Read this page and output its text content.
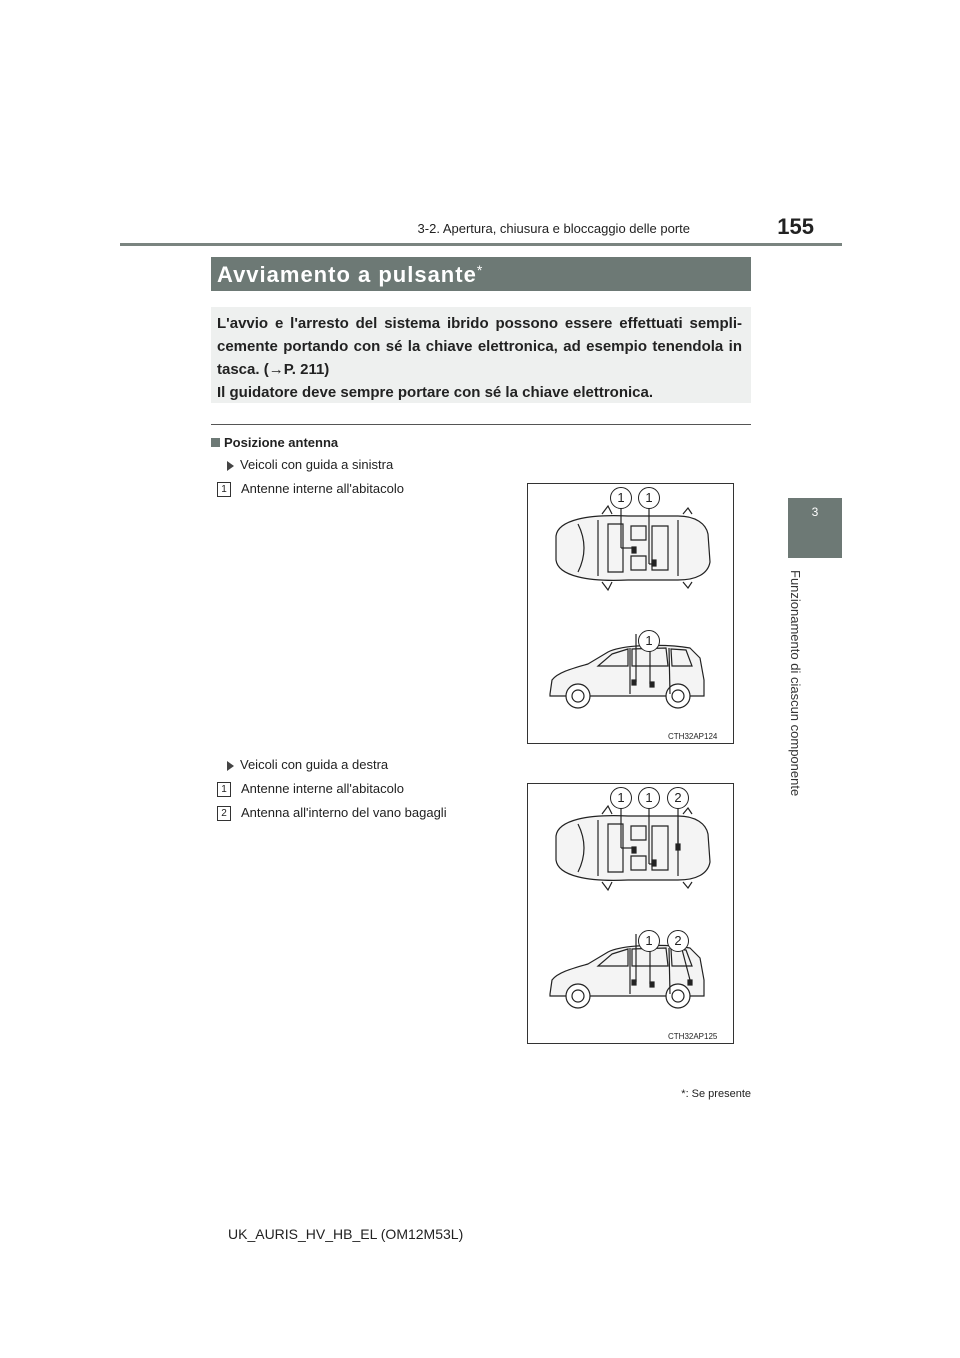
3-2. Apertura, chiusura e bloccaggio delle porte	155
3
Funzionamento di ciascun componente
Avviamento a pulsante*
L'avvio e l'arresto del sistema ibrido possono essere effettuati sempli-cemente portando con sé la chiave elettronica, ad esempio tenendola in tasca. (→P. 211)
Il guidatore deve sempre portare con sé la chiave elettronica.
Posizione antenna
Veicoli con guida a sinistra
1 Antenne interne all'abitacolo
1	1
1
CTH32AP124
Veicoli con guida a destra
1 Antenne interne all'abitacolo
2 Antenna all'interno del vano bagagli
1	1	2
1	2
CTH32AP125
*: Se presente
UK_AURIS_HV_HB_EL (OM12M53L)
